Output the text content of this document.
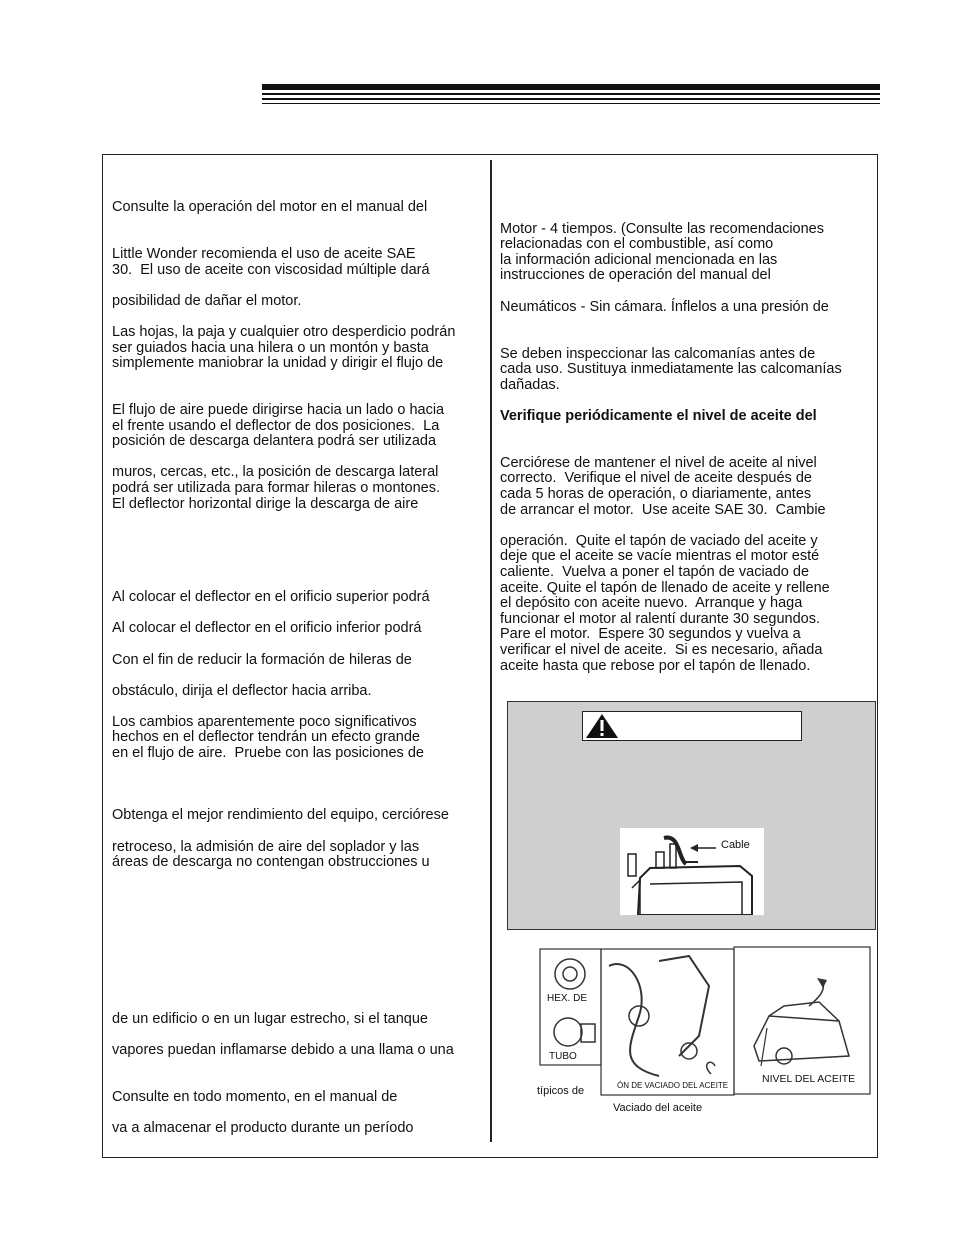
Consulte la operación del motor en el manual del
Little Wonder recomienda el uso de aceite SAE
30.  El uso de aceite con viscosidad múltiple dará
posibilidad de dañar el motor.
Las hojas, la paja y cualquier otro desperdicio podrán
ser guiados hacia una hilera o un montón y basta
simplemente maniobrar la unidad y dirigir el flujo de
El flujo de aire puede dirigirse hacia un lado o hacia
el frente usando el deflector de dos posiciones.  La
posición de descarga delantera podrá ser utilizada
muros, cercas, etc., la posición de descarga lateral
podrá ser utilizada para formar hileras o montones.
El deflector horizontal dirige la descarga de aire
Al colocar el deflector en el orificio superior podrá
Al colocar el deflector en el orificio inferior podrá
Con el fin de reducir la formación de hileras de
obstáculo, dirija el deflector hacia arriba.
Los cambios aparentemente poco significativos
hechos en el deflector tendrán un efecto grande
en el flujo de aire.  Pruebe con las posiciones de
Obtenga el mejor rendimiento del equipo, cerciórese
retroceso, la admisión de aire del soplador y las
áreas de descarga no contengan obstrucciones u
de un edificio o en un lugar estrecho, si el tanque
vapores puedan inflamarse debido a una llama o una
Consulte en todo momento, en el manual de
va a almacenar el producto durante un período
Motor - 4 tiempos. (Consulte las recomendaciones
relacionadas con el combustible, así como
la información adicional mencionada en las
instrucciones de operación del manual del
Neumáticos - Sin cámara. Ínflelos a una presión de
Se deben inspeccionar las calcomanías antes de
cada uso. Sustituya inmediatamente las calcomanías
dañadas.
Verifique periódicamente el nivel de aceite del
Cerciórese de mantener el nivel de aceite al nivel
correcto.  Verifique el nivel de aceite después de
cada 5 horas de operación, o diariamente, antes
de arrancar el motor.  Use aceite SAE 30.  Cambie
operación.  Quite el tapón de vaciado del aceite y
deje que el aceite se vacíe mientras el motor esté
caliente.  Vuelva a poner el tapón de vaciado de
aceite. Quite el tapón de llenado de aceite y rellene
el depósito con aceite nuevo.  Arranque y haga
funcionar el motor al ralentí durante 30 segundos.
Pare el motor.  Espere 30 segundos y vuelva a
verificar el nivel de aceite.  Si es necesario, añada
aceite hasta que rebose por el tapón de llenado.
Cable
HEX. DE
TUBO
ÓN DE VACIADO DEL ACEITE
NIVEL DEL ACEITE
típicos de
Vaciado del aceite
